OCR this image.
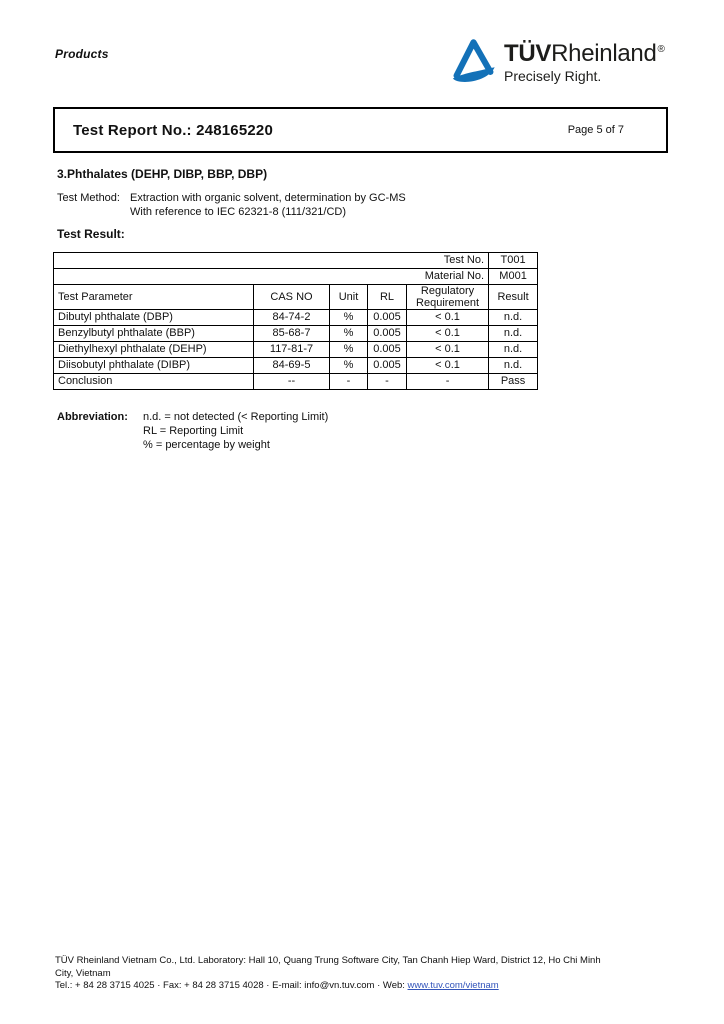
Products	TÜVRheinland®
Precisely Right.
Test Report No.: 248165220	Page 5 of 7
3.Phthalates (DEHP, DIBP, BBP, DBP)
Test Method: Extraction with organic solvent, determination by GC-MS
With reference to IEC 62321-8 (111/321/CD)
Test Result:
Test No.					T001
Material No.					M001
Test Parameter	CAS NO	Unit	RL	Regulatory Requirement	Result
Dibutyl phthalate (DBP)	84-74-2	%	0.005	< 0.1	n.d.
Benzylbutyl phthalate (BBP)	85-68-7	%	0.005	< 0.1	n.d.
Diethylhexyl phthalate (DEHP)	117-81-7	%	0.005	< 0.1	n.d.
Diisobutyl phthalate (DIBP)	84-69-5	%	0.005	< 0.1	n.d.
Conclusion	--	-	-	-	Pass
Abbreviation:	n.d. = not detected (< Reporting Limit)
RL = Reporting Limit
% = percentage by weight
TÜV Rheinland Vietnam Co., Ltd. Laboratory: Hall 10, Quang Trung Software City, Tan Chanh Hiep Ward, District 12, Ho Chi Minh
City, Vietnam
Tel.: + 84 28 3715 4025 · Fax: + 84 28 3715 4028 · E-mail: info@vn.tuv.com · Web: www.tuv.com/vietnam
